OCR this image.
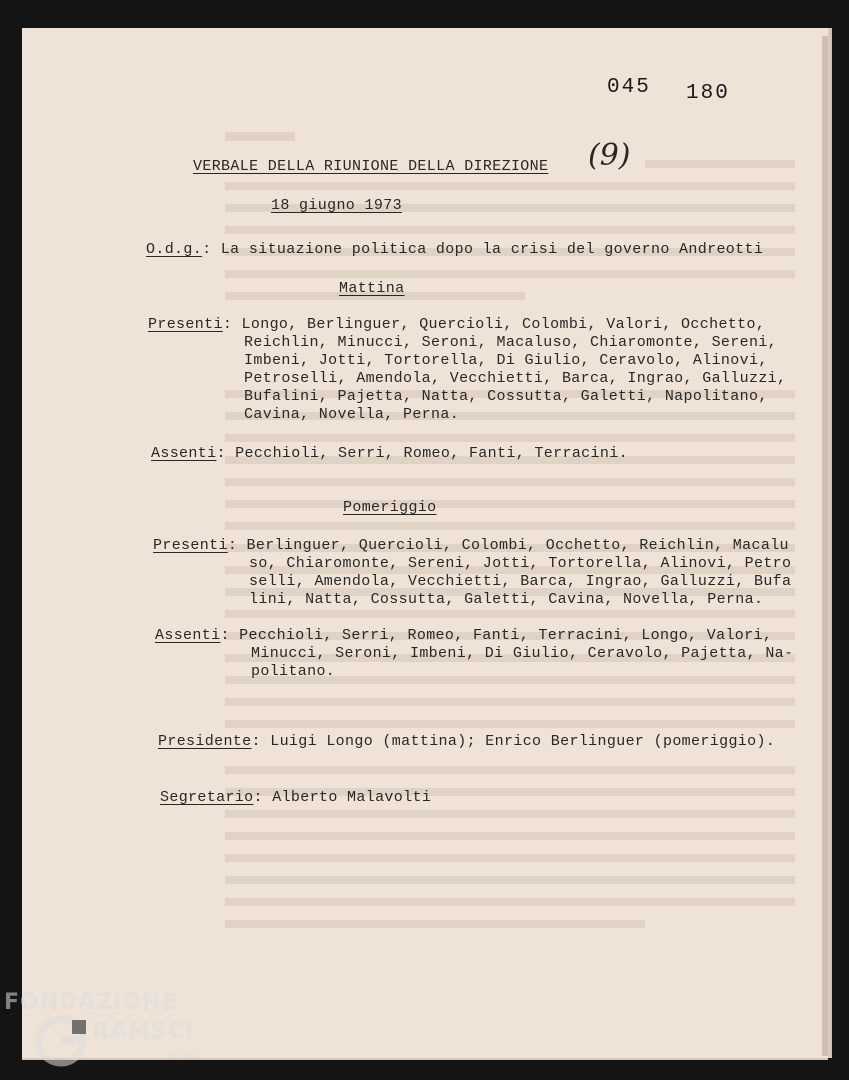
045 180
(9)
VERBALE DELLA RIUNIONE DELLA DIREZIONE
18 giugno 1973
O.d.g.: La situazione politica dopo la crisi del governo Andreotti
Mattina
Presenti: Longo, Berlinguer, Quercioli, Colombi, Valori, Occhetto,
Reichlin, Minucci, Seroni, Macaluso, Chiaromonte, Sereni,
Imbeni, Jotti, Tortorella, Di Giulio, Ceravolo, Alinovi,
Petroselli, Amendola, Vecchietti, Barca, Ingrao, Galluzzi,
Bufalini, Pajetta, Natta, Cossutta, Galetti, Napolitano,
Cavina, Novella, Perna.
Assenti: Pecchioli, Serri, Romeo, Fanti, Terracini.
Pomeriggio
Presenti: Berlinguer, Quercioli, Colombi, Occhetto, Reichlin, Macalu
so, Chiaromonte, Sereni, Jotti, Tortorella, Alinovi, Petro
selli, Amendola, Vecchietti, Barca, Ingrao, Galluzzi, Bufa
lini, Natta, Cossutta, Galetti, Cavina, Novella, Perna.
Assenti: Pecchioli, Serri, Romeo, Fanti, Terracini, Longo, Valori,
Minucci, Seroni, Imbeni, Di Giulio, Ceravolo, Pajetta, Na-
politano.
Presidente: Luigi Longo (mattina); Enrico Berlinguer (pomeriggio).
Segretario: Alberto Malavolti
FONDAZIONE
RAMSCI
onlus
